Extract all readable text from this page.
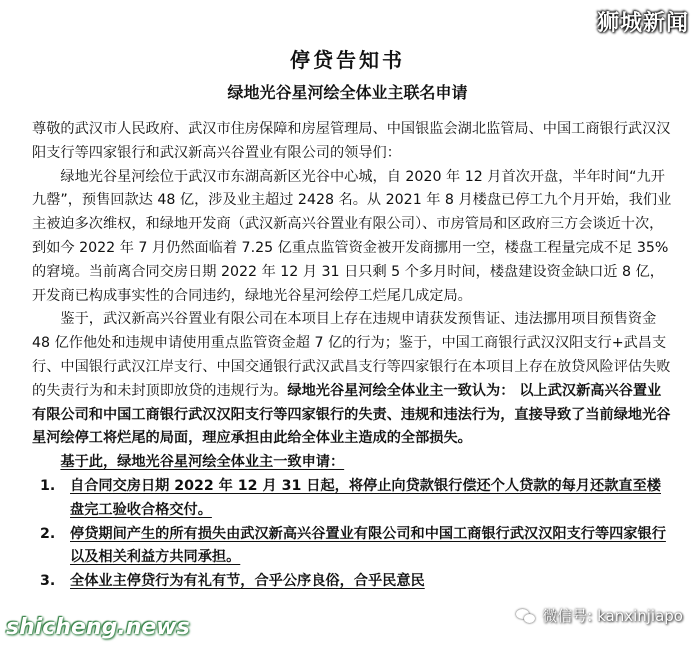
停贷告知书
绿地光谷星河绘全体业主联名申请

尊敬的武汉市人民政府、武汉市住房保障和房屋管理局、中国银监会湖北监管局、中国工商银行武汉汉阳支行等四家银行和武汉新高兴谷置业有限公司的领导们：

绿地光谷星河绘位于武汉市东湖高新区光谷中心城，自 2020 年 12 月首次开盘，半年时间“九开九罄”，预售回款达 48 亿，涉及业主超过 2428 名。从 2021 年 8 月楼盘已停工九个月开始，我们业主被迫多次维权，和绿地开发商（武汉新高兴谷置业有限公司）、市房管局和区政府三方会谈近十次，到如今 2022 年 7 月仍然面临着 7.25 亿重点监管资金被开发商挪用一空，楼盘工程量完成不足 35%的窘境。当前离合同交房日期 2022 年 12 月 31 日只剩 5 个多月时间，楼盘建设资金缺口近 8 亿，开发商已构成事实性的合同违约，绿地光谷星河绘停工烂尾几成定局。

鉴于，武汉新高兴谷置业有限公司在本项目上存在违规申请获发预售证、违法挪用项目预售资金 48 亿作他处和违规申请使用重点监管资金超 7 亿的行为；鉴于，中国工商银行武汉汉阳支行+武昌支行、中国银行武汉江岸支行、中国交通银行武汉武昌支行等四家银行在本项目上存在放贷风险评估失败的失责行为和未封顶即放贷的违规行为。绿地光谷星河绘全体业主一致认为： 以上武汉新高兴谷置业有限公司和中国工商银行武汉汉阳支行等四家银行的失责、违规和违法行为，直接导致了当前绿地光谷星河绘停工将烂尾的局面，理应承担由此给全体业主造成的全部损失。

基于此，绿地光谷星河绘全体业主一致申请：

1.	自合同交房日期 2022 年 12 月 31 日起，将停止向贷款银行偿还个人贷款的每月还款直至楼盘完工验收合格交付。
2.	停贷期间产生的所有损失由武汉新高兴谷置业有限公司和中国工商银行武汉汉阳支行等四家银行以及相关利益方共同承担。
3.	全体业主停贷行为有礼有节，合乎公序良俗，合乎民意民
狮城新闻
shicheng.news	微信号: kanxinjiapo
